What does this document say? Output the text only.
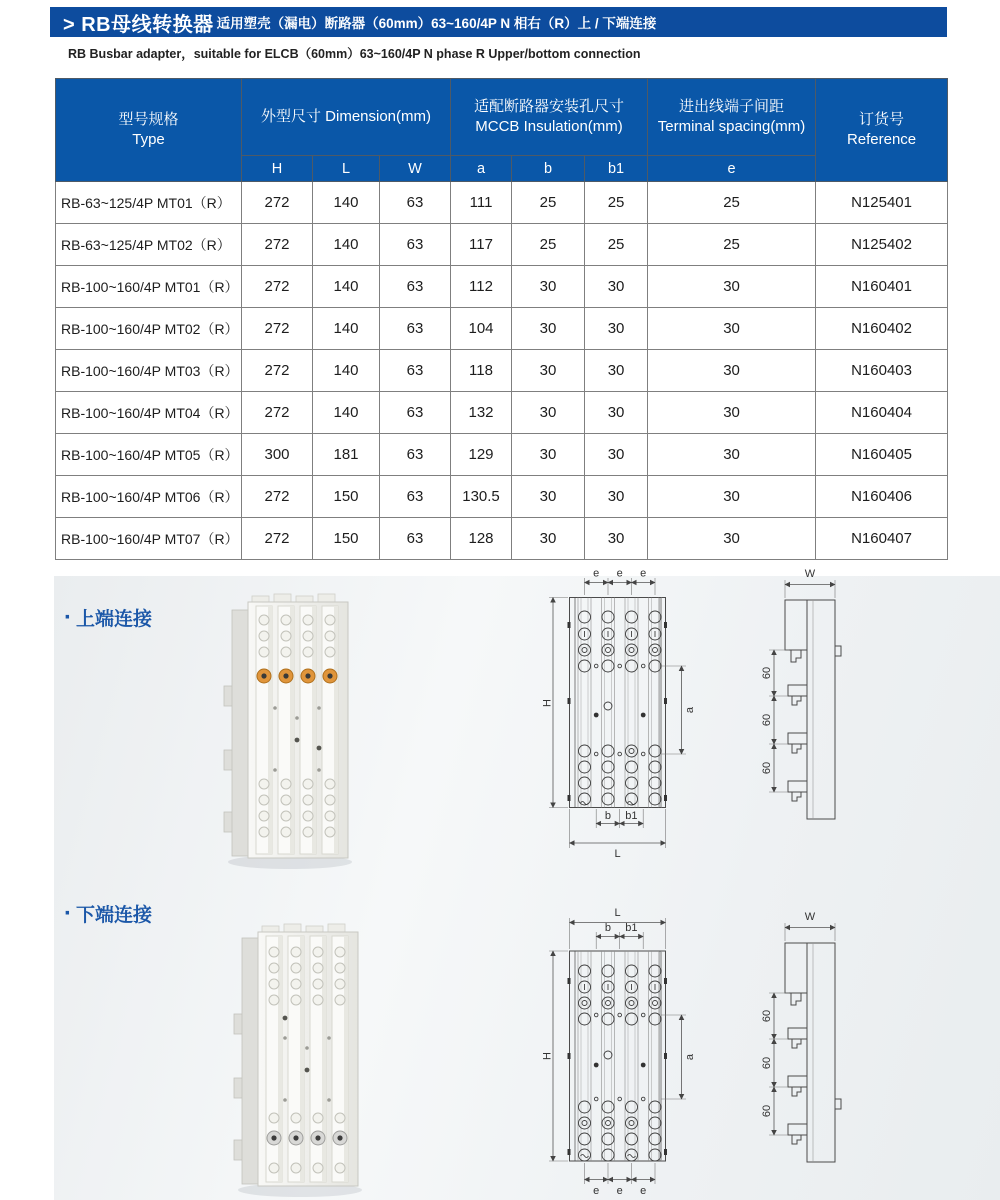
> RB母线转换器 适用塑壳（漏电）断路器（60mm）63~160/4P N 相右（R）上 / 下端连接
RB Busbar adapter，suitable for ELCB（60mm）63~160/4P N phase R Upper/bottom connection
型号规格
Type

外型尺寸 Dimension(mm)

适配断路器安装孔尺寸
MCCB Insulation(mm)

进出线端子间距
Terminal spacing(mm)	订货号
Reference

	H	L	W	a	b	b1	e	
RB-63~125/4P MT01（R）	272	140	63	111	25	25	25	N125401
RB-63~125/4P MT02（R）	272	140	63	117	25	25	25	N125402
RB-100~160/4P MT01（R）	272	140	63	112	30	30	30	N160401
RB-100~160/4P MT02（R）	272	140	63	104	30	30	30	N160402
RB-100~160/4P MT03（R）	272	140	63	118	30	30	30	N160403
RB-100~160/4P MT04（R）	272	140	63	132	30	30	30	N160404
RB-100~160/4P MT05（R）	300	181	63	129	30	30	30	N160405
RB-100~160/4P MT06（R）	272	150	63	130.5	30	30	30	N160406
RB-100~160/4P MT07（R）	272	150	63	128	30	30	30	N160407
· 上端连接
e e e
H
a
b b1
L
W
60
60
60
· 下端连接	L
b b1
H	a
e e e
W
60
60
60
